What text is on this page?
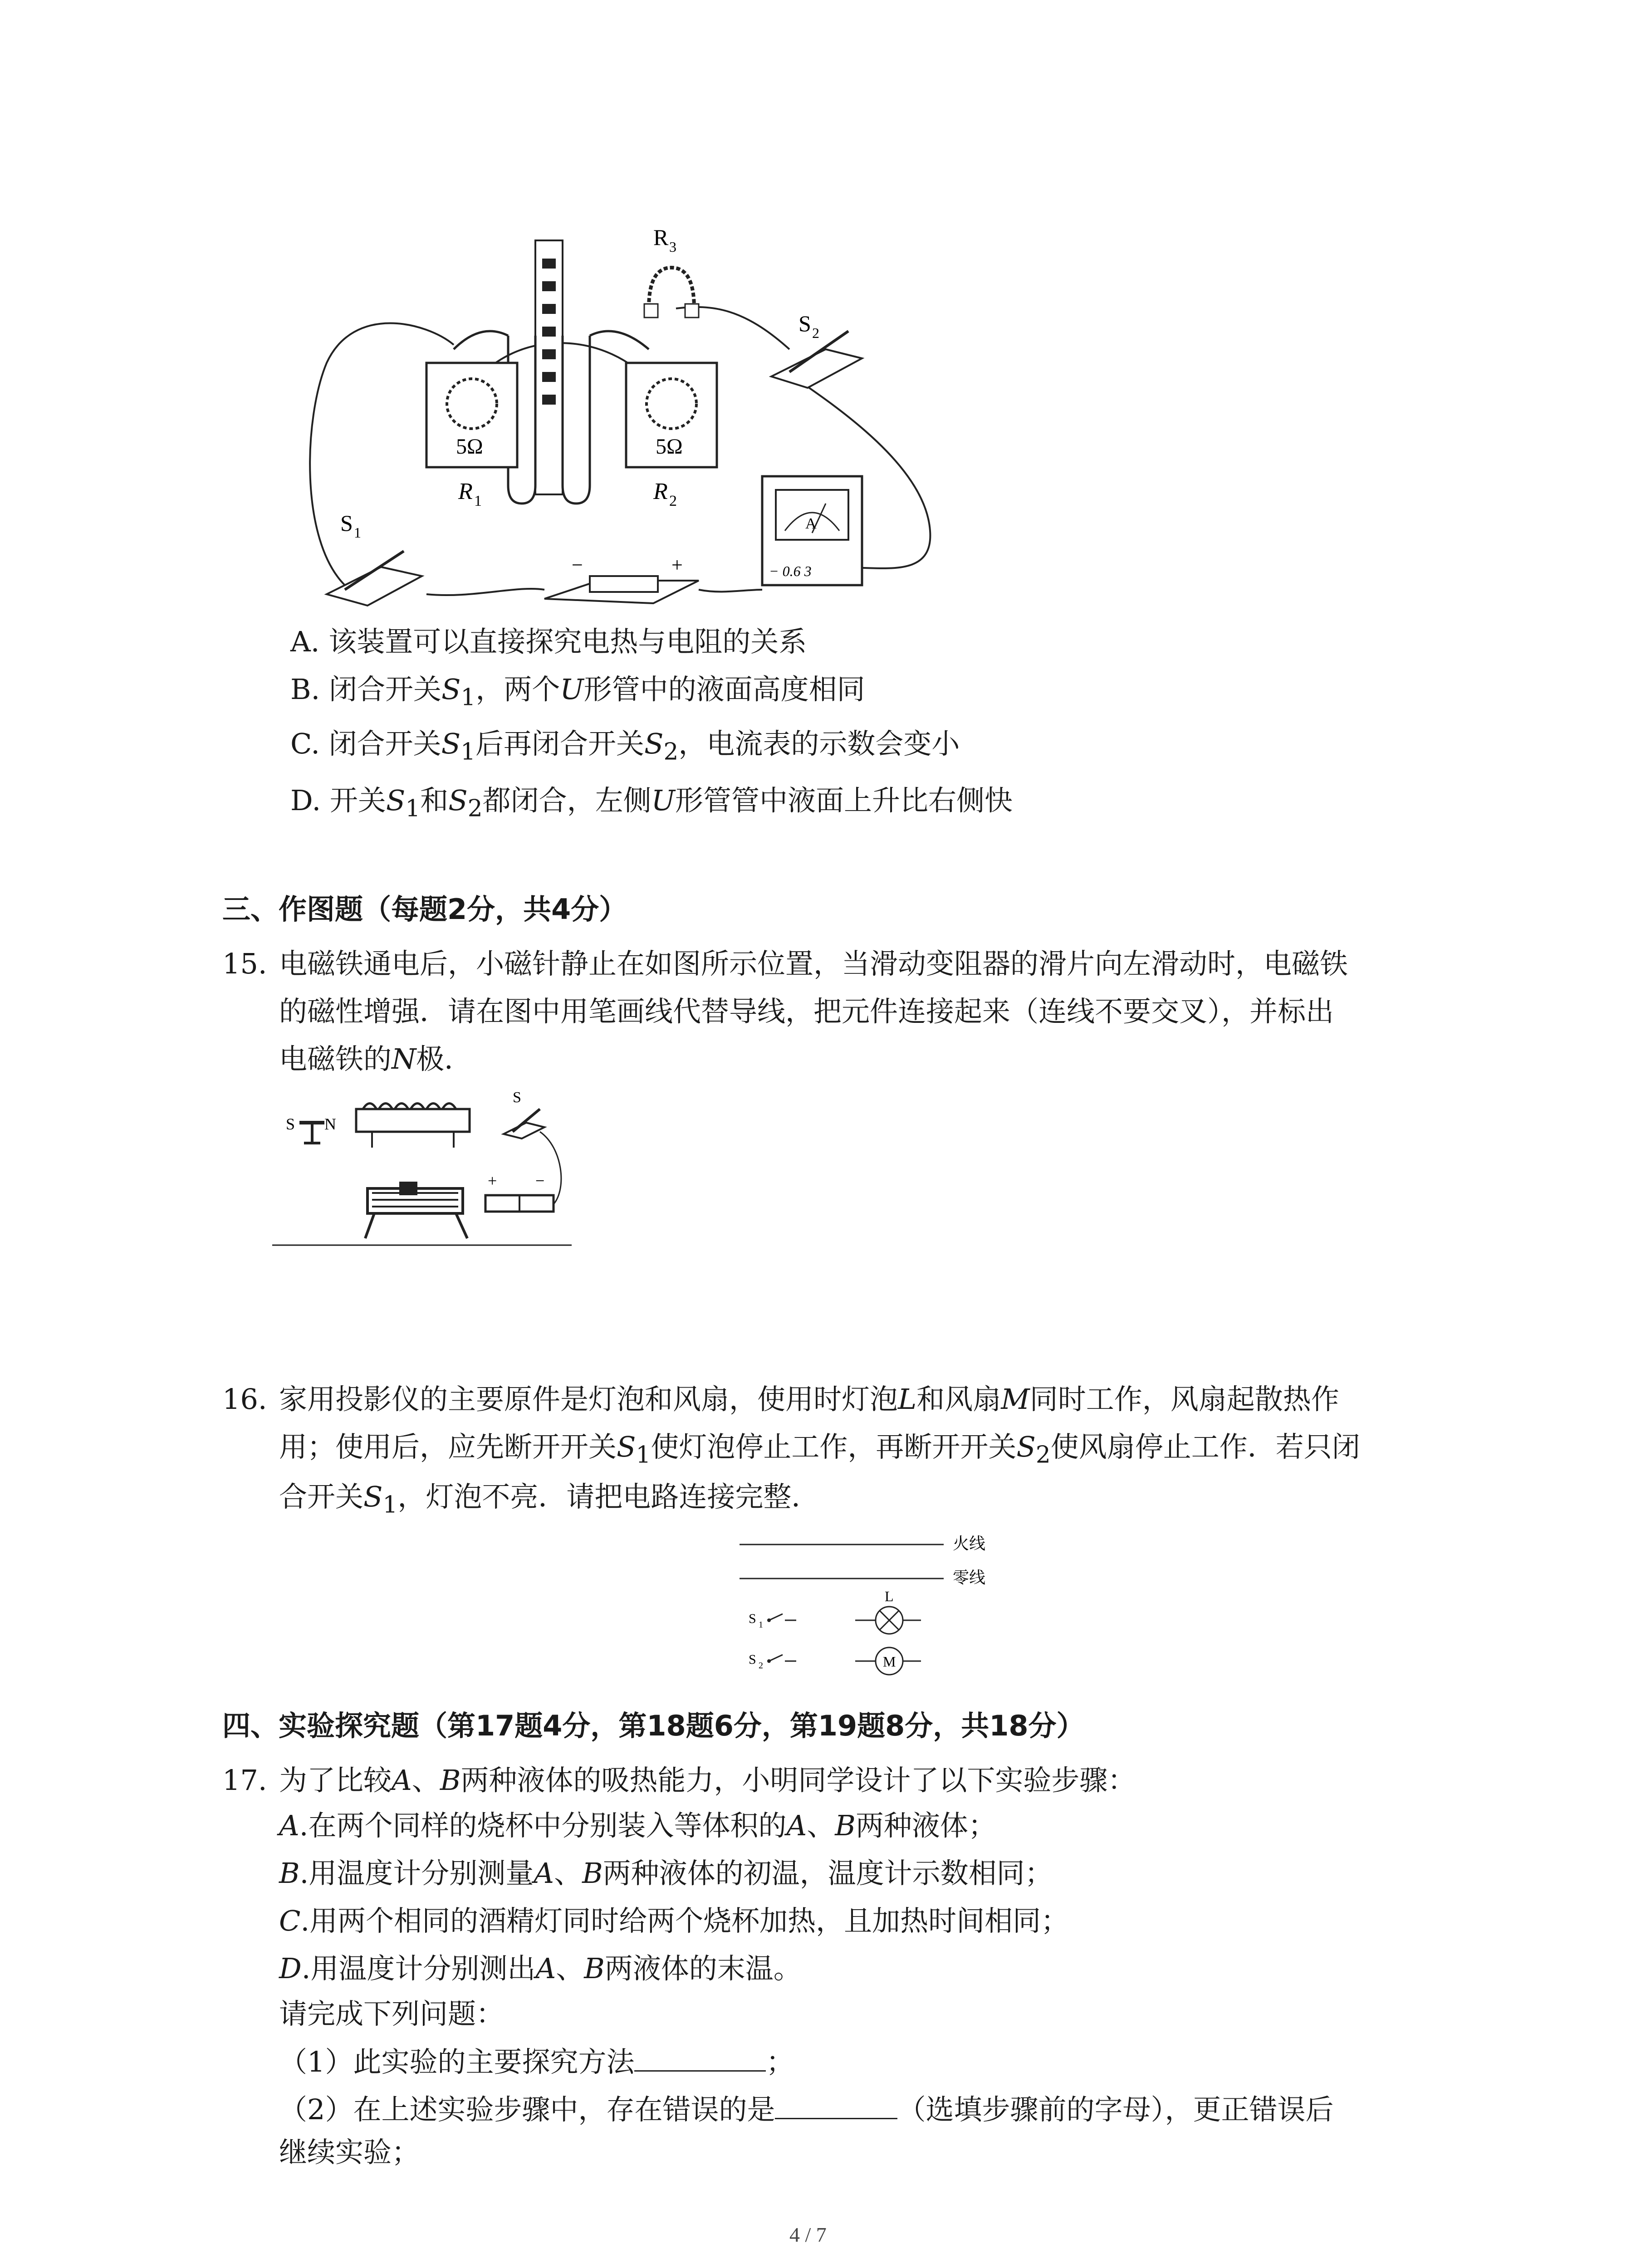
5Ω	5Ω
R 1	R 2
R 3
S 2
S 1
−	+
A
− 0.6 3
A. 该装置可以直接探究电热与电阻的关系
B. 闭合开关$S_1$，两个U形管中的液面高度相同
C. 闭合开关$S_1$后再闭合开关$S_2$，电流表的示数会变小
D. 开关$S_1$和$S_2$都闭合，左侧U形管管中液面上升比右侧快
三、作图题（每题2分，共4分）
15. 电磁铁通电后，小磁针静止在如图所示位置，当滑动变阻器的滑片向左滑动时，电磁铁
的磁性增强．请在图中用笔画线代替导线，把元件连接起来（连线不要交叉），并标出
电磁铁的N极．
S N
S
+ −
16. 家用投影仪的主要原件是灯泡和风扇，使用时灯泡L和风扇M同时工作，风扇起散热作
用；使用后，应先断开开关$S_1$使灯泡停止工作，再断开开关$S_2$使风扇停止工作．若只闭
合开关$S_1$，灯泡不亮．请把电路连接完整．
火线
零线
S 1
L
S 2	M
四、实验探究题（第17题4分，第18题6分，第19题8分，共18分）
17. 为了比较A、B两种液体的吸热能力，小明同学设计了以下实验步骤：
A.在两个同样的烧杯中分别装入等体积的A、B两种液体；
B.用温度计分别测量A、B两种液体的初温，温度计示数相同；
C.用两个相同的酒精灯同时给两个烧杯加热，且加热时间相同；
D.用温度计分别测出A、B两液体的末温。
请完成下列问题：
（1）此实验的主要探究方法	；
（2）在上述实验步骤中，存在错误的是	（选填步骤前的字母），更正错误后
继续实验；
4 / 7
